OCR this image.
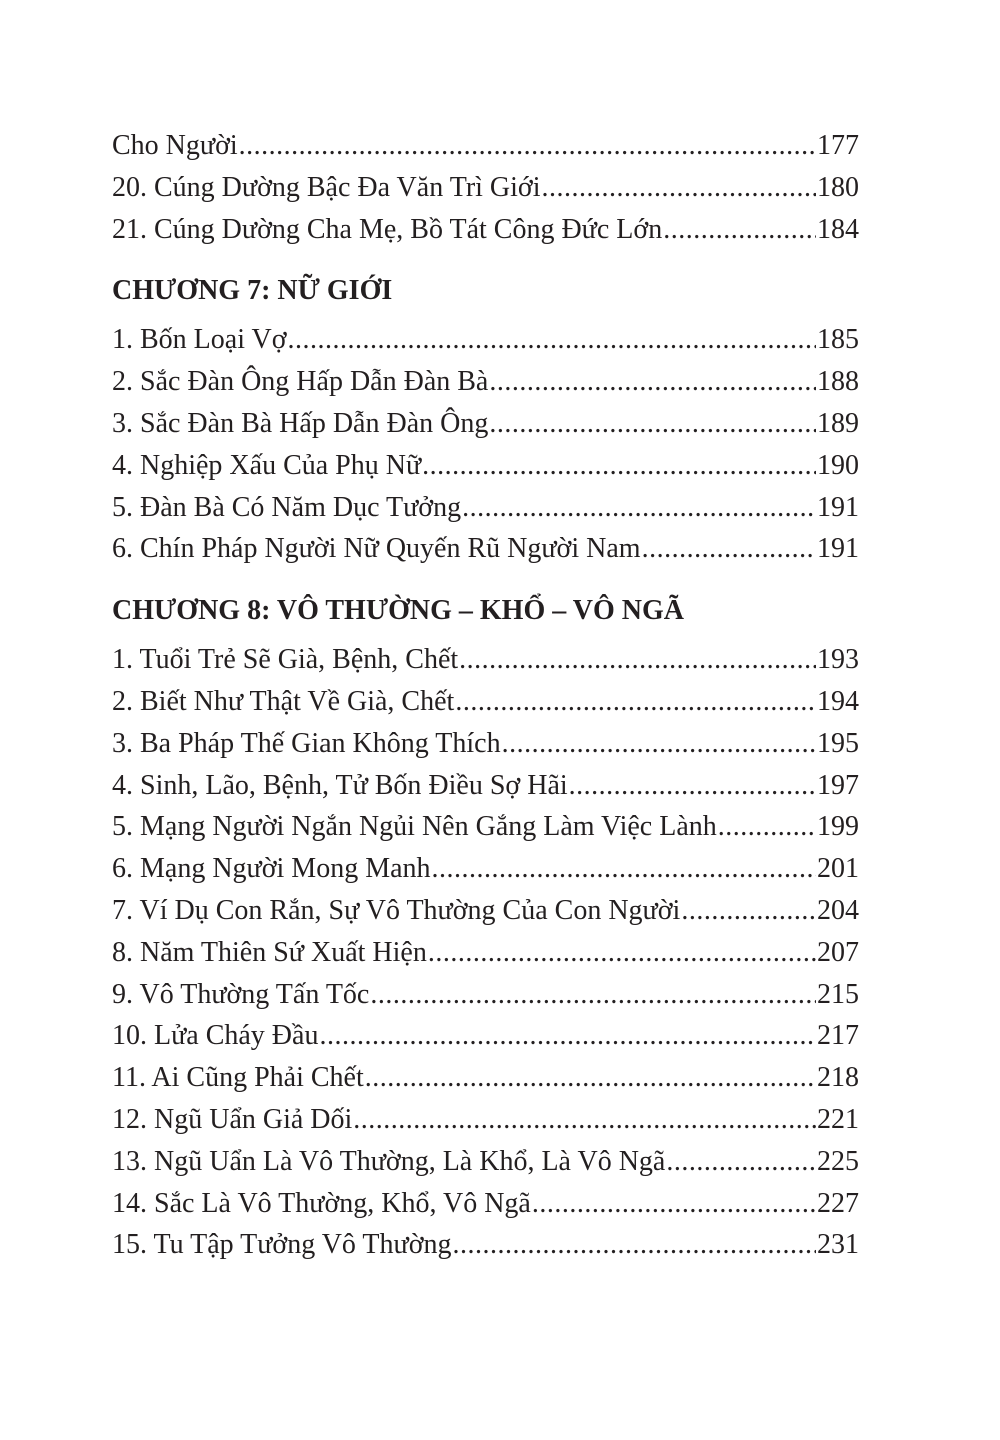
Cho Người .....	177
20. Cúng Dường Bậc Đa Văn Trì Giới .....	180
21. Cúng Dường Cha Mẹ, Bồ Tát Công Đức Lớn .....	184
CHƯƠNG 7: NỮ GIỚI
1. Bốn Loại Vợ .....	185
2. Sắc Đàn Ông Hấp Dẫn Đàn Bà .....	188
3. Sắc Đàn Bà Hấp Dẫn Đàn Ông .....	189
4. Nghiệp Xấu Của Phụ Nữ .....	190
5. Đàn Bà Có Năm Dục Tưởng .....	191
6. Chín Pháp Người Nữ Quyến Rũ Người Nam .....	191
CHƯƠNG 8: VÔ THƯỜNG – KHỔ – VÔ NGÃ
1. Tuổi Trẻ Sẽ Già, Bệnh, Chết .....	193
2. Biết Như Thật Về Già, Chết .....	194
3. Ba Pháp Thế Gian Không Thích .....	195
4. Sinh, Lão, Bệnh, Tử Bốn Điều Sợ Hãi .....	197
5. Mạng Người Ngắn Ngủi Nên Gắng Làm Việc Lành .....	199
6. Mạng Người Mong Manh .....	201
7. Ví Dụ Con Rắn, Sự Vô Thường Của Con Người .....	204
8. Năm Thiên Sứ Xuất Hiện .....	207
9. Vô Thường Tấn Tốc .....	215
10. Lửa Cháy Đầu .....	217
11. Ai Cũng Phải Chết .....	218
12. Ngũ Uẩn Giả Dối .....	221
13. Ngũ Uẩn Là Vô Thường, Là Khổ, Là Vô Ngã .....	225
14. Sắc Là Vô Thường, Khổ, Vô Ngã .....	227
15. Tu Tập Tưởng Vô Thường .....	231
